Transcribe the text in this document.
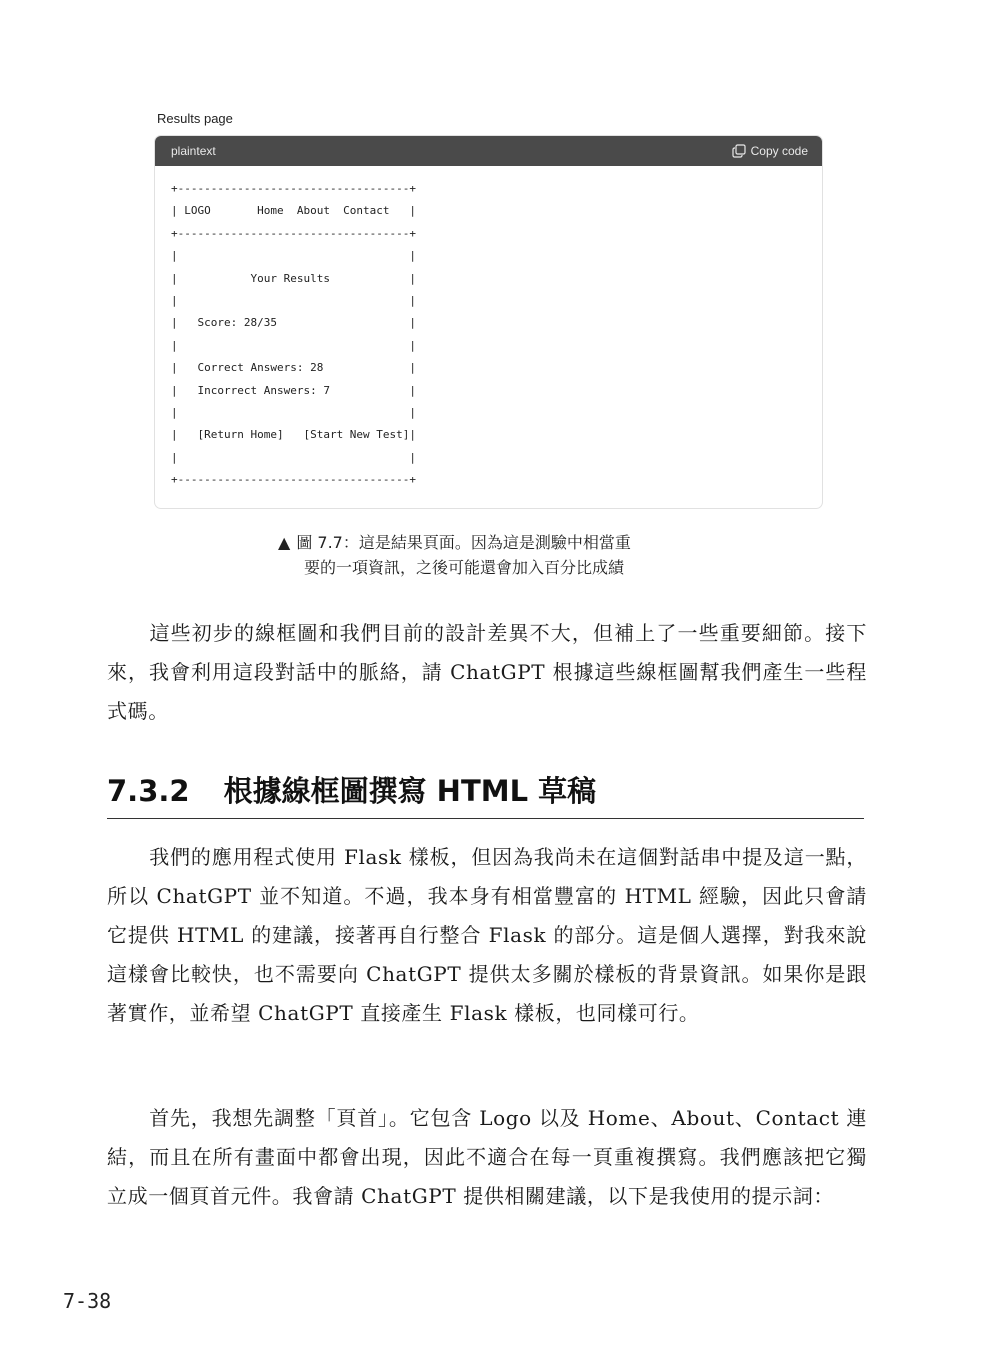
Results page
plaintext	Copy code
+-----------------------------------+
| LOGO       Home  About  Contact   |
+-----------------------------------+
|                                   |
|           Your Results            |
|                                   |
|   Score: 28/35                    |
|                                   |
|   Correct Answers: 28             |
|   Incorrect Answers: 7            |
|                                   |
|   [Return Home]   [Start New Test]|
|                                   |
+-----------------------------------+
▲ 圖 7.7：這是結果頁面。因為這是測驗中相當重
要的一項資訊，之後可能還會加入百分比成績

這些初步的線框圖和我們目前的設計差異不大，但補上了一些重要細節。接下來，我會利用這段對話中的脈絡，請 ChatGPT 根據這些線框圖幫我們產生一些程式碼。

7.3.2 根據線框圖撰寫 HTML 草稿

我們的應用程式使用 Flask 樣板，但因為我尚未在這個對話串中提及這一點，所以 ChatGPT 並不知道。不過，我本身有相當豐富的 HTML 經驗，因此只會請它提供 HTML 的建議，接著再自行整合 Flask 的部分。這是個人選擇，對我來說這樣會比較快，也不需要向 ChatGPT 提供太多關於樣板的背景資訊。如果你是跟著實作，並希望 ChatGPT 直接產生 Flask 樣板，也同樣可行。

首先，我想先調整「頁首」。它包含 Logo 以及 Home、About、Contact 連結，而且在所有畫面中都會出現，因此不適合在每一頁重複撰寫。我們應該把它獨立成一個頁首元件。我會請 ChatGPT 提供相關建議，以下是我使用的提示詞：

7-38
